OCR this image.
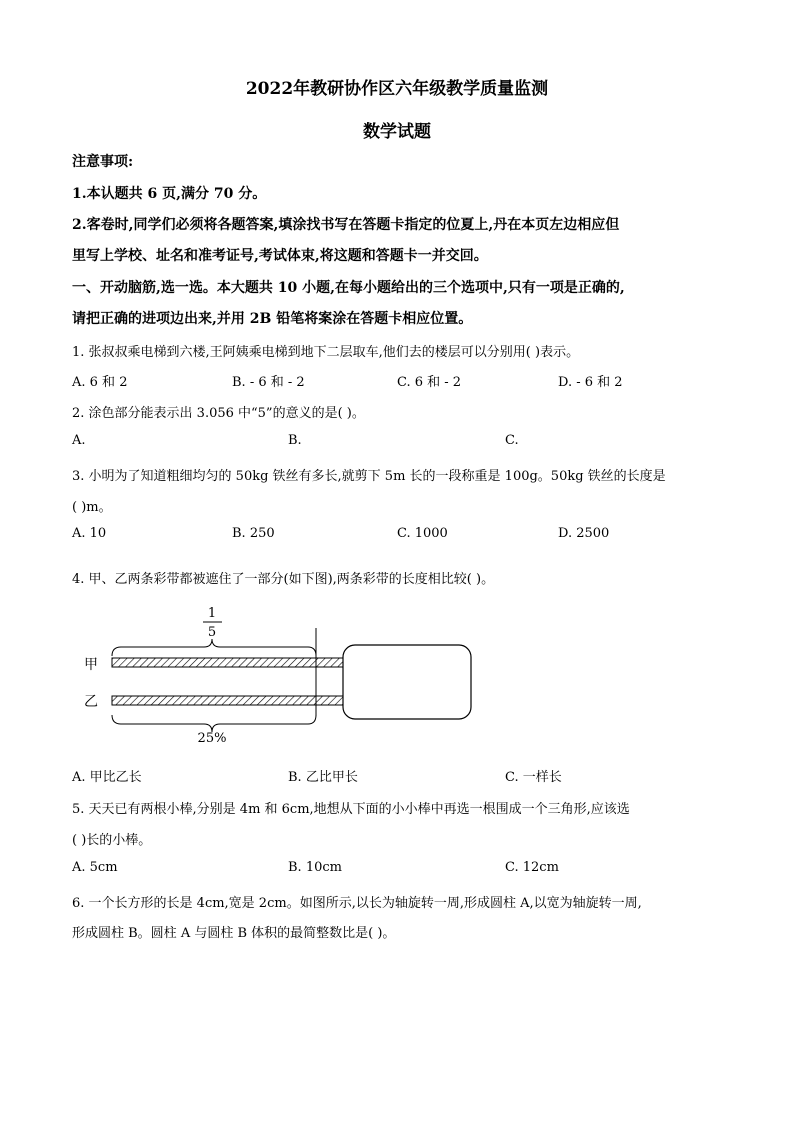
2022年教研协作区六年级教学质量监测
数学试题
注意事项:
1.本认题共 6 页,满分 70 分。
2.客卷时,同学们必须将各题答案,填涂找书写在答题卡指定的位夏上,丹在本页左边相应但
里写上学校、址名和准考证号,考试体束,将这题和答题卡一并交回。
一、开动脑筋,选一选。本大题共 10 小题,在每小题给出的三个选项中,只有一项是正确的,
请把正确的进项边出来,并用 2B 铅笔将案涂在答题卡相应位置。
1. 张叔叔乘电梯到六楼,王阿姨乘电梯到地下二层取车,他们去的楼层可以分别用( )表示。
A. 6 和 2	B. - 6 和 - 2	C. 6 和 - 2	D. - 6 和 2
2. 涂色部分能表示出 3.056 中“5”的意义的是( )。
A.	B.	C.
3. 小明为了知道粗细均匀的 50kg 铁丝有多长,就剪下 5m 长的一段称重是 100g。50kg 铁丝的长度是
( )m。
A. 10	B. 250	C. 1000	D. 2500
4. 甲、乙两条彩带都被遮住了一部分(如下图),两条彩带的长度相比较( )。
1
5
甲
乙
25%
A. 甲比乙长	B. 乙比甲长	C. 一样长
5. 天天已有两根小棒,分别是 4m 和 6cm,地想从下面的小小棒中再选一根围成一个三角形,应该选
( )长的小棒。
A. 5cm	B. 10cm	C. 12cm
6. 一个长方形的长是 4cm,宽是 2cm。如图所示,以长为轴旋转一周,形成圆柱 A,以宽为轴旋转一周,
形成圆柱 B。圆柱 A 与圆柱 B 体积的最简整数比是( )。
